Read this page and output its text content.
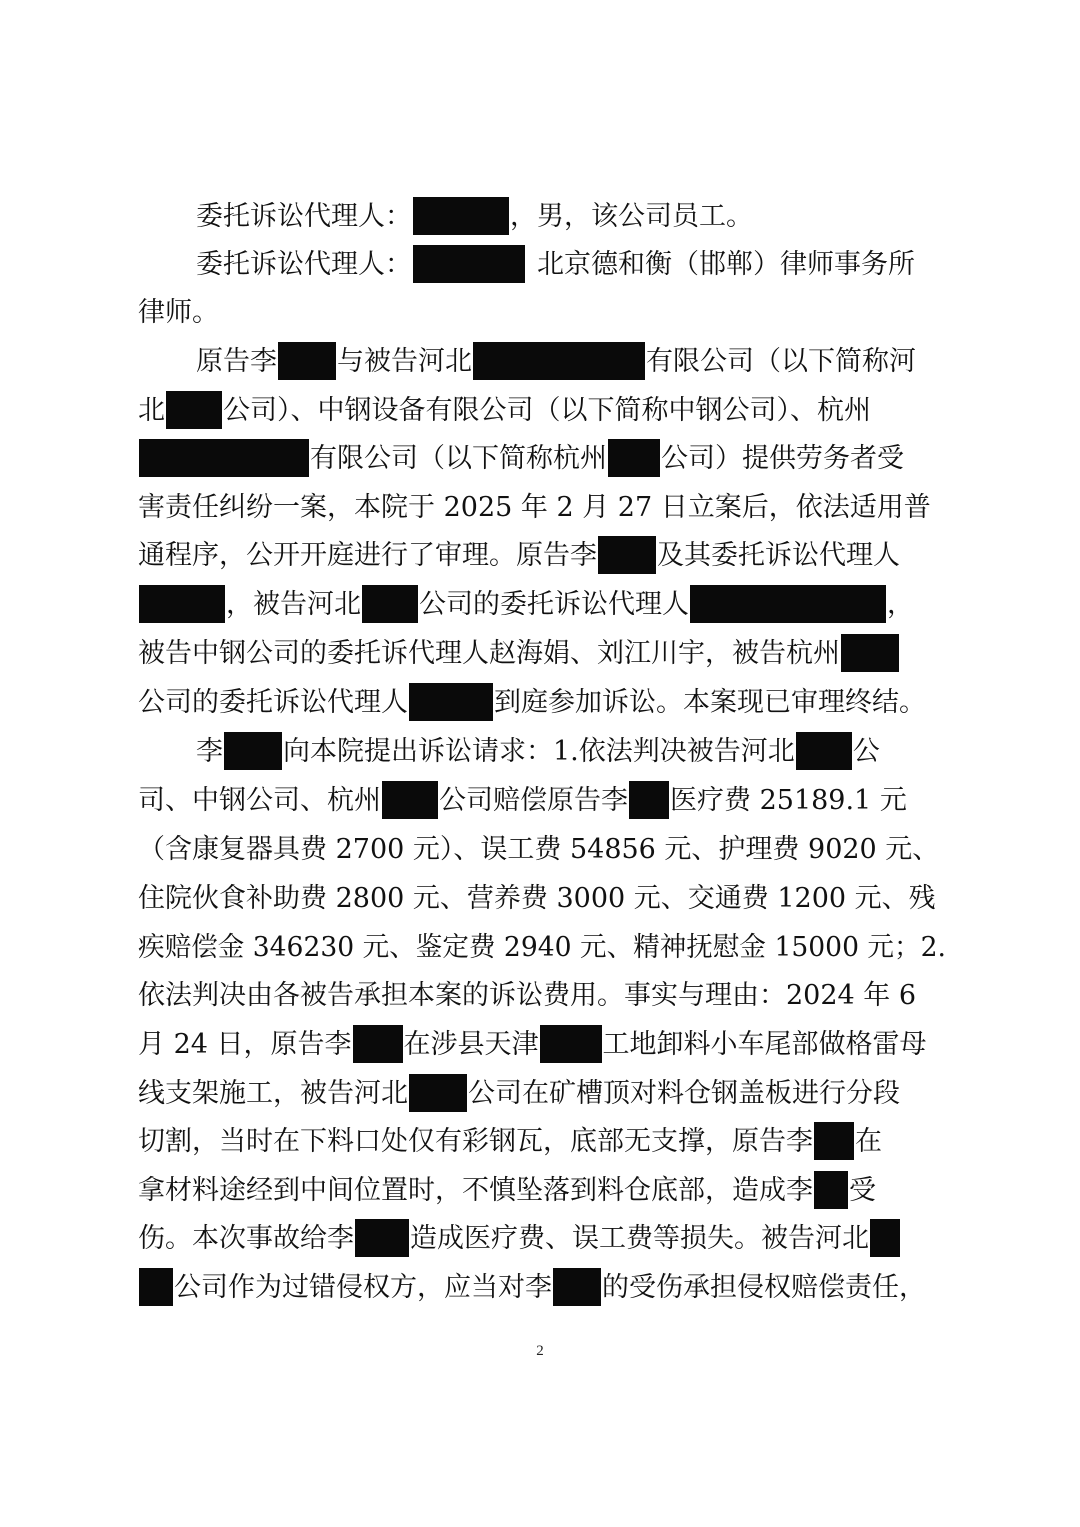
委托诉讼代理人：	，男，该公司员工。
委托诉讼代理人：	北京德和衡（邯郸）律师事务所
律师。
原告李 与被告河北	有限公司（以下简称河
北 公司）、中钢设备有限公司（以下简称中钢公司）、杭州
有限公司（以下简称杭州 公司）提供劳务者受
害责任纠纷一案，本院于 2025 年 2 月 27 日立案后，依法适用普
通程序，公开开庭进行了审理。原告李 及其委托诉讼代理人
，被告河北 公司的委托诉讼代理人	，
被告中钢公司的委托诉代理人赵海娟、刘江川宇，被告杭州
公司的委托诉讼代理人	到庭参加诉讼。本案现已审理终结。
李 向本院提出诉讼请求：1.依法判决被告河北 公
司、中钢公司、杭州 公司赔偿原告李 医疗费 25189.1 元
（含康复器具费 2700 元）、误工费 54856 元、护理费 9020 元、
住院伙食补助费 2800 元、营养费 3000 元、交通费 1200 元、残
疾赔偿金 346230 元、鉴定费 2940 元、精神抚慰金 15000 元；2.
依法判决由各被告承担本案的诉讼费用。事实与理由：2024 年 6
月 24 日，原告李 在涉县天津 工地卸料小车尾部做格雷母
线支架施工，被告河北 公司在矿槽顶对料仓钢盖板进行分段
切割，当时在下料口处仅有彩钢瓦，底部无支撑，原告李 在
拿材料途经到中间位置时，不慎坠落到料仓底部，造成李 受
伤。本次事故给李 造成医疗费、误工费等损失。被告河北
公司作为过错侵权方，应当对李 的受伤承担侵权赔偿责任，
2
